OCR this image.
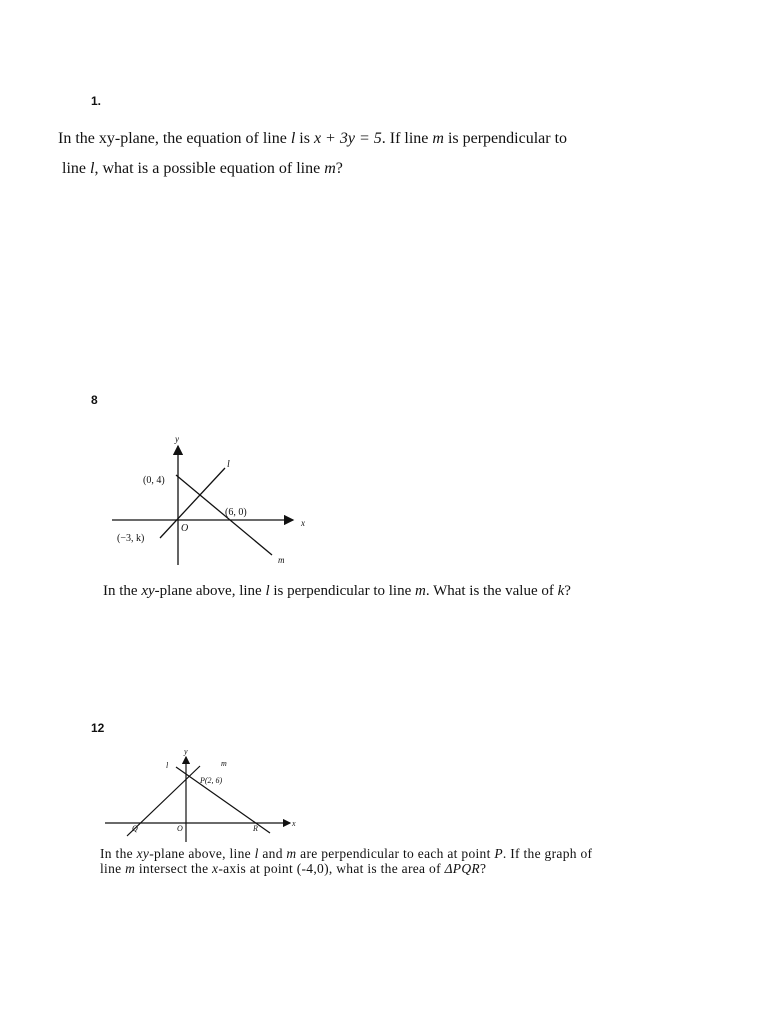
1.
In the xy-plane, the equation of line l is x + 3y = 5. If line m is perpendicular to
line l, what is a possible equation of line m?
8
y
x
l
m
O
(0, 4)
(6, 0)
(−3, k)
In the xy-plane above, line l is perpendicular to line m. What is the value of k?
12
y
x
l	m
P(2, 6)
Q	O	R
In the xy-plane above, line l and m are perpendicular to each at point P. If the graph of
line m intersect the x-axis at point (-4,0), what is the area of ΔPQR?
